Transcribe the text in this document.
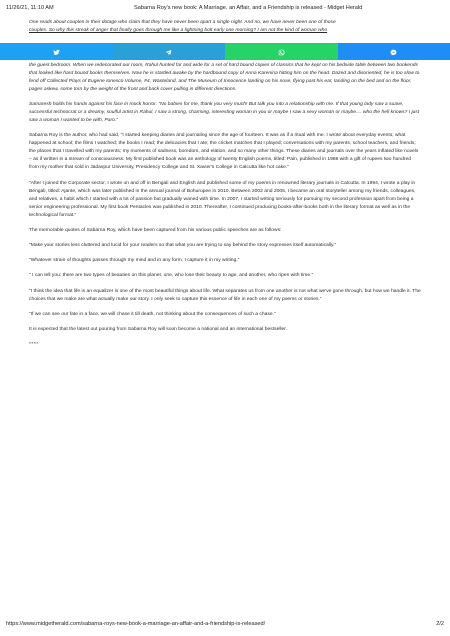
11/26/21, 11:10 AM	Sabarna Roy's new book: A Marriage, an Affair, and a Friendship is released - Midget Herald
One reads about couples in their dotage who claim that they have never been apart a single night. And no, we have never been one of those
couples. So why this streak of anger that finally goes through me like a lightning bolt early one morning? I am not the kind of woman who

the guest bedroom. When we redecorated our room, Rahul hunted far and wide for a set of hard bound copies of classics that he kept on his bedside table between two bookends that looked like hard bound books themselves. Now he is startled awake by the hardbound copy of Anna Karenina hitting him on the head. Dazed and disoriented, he is too slow to fend off Collected Plays of Eugene Ionesco Volume, #4, Wasteland, and The Museum of Innocence landing on his nose, flying past his ear, landing on the bed and on the floor, pages askew, some torn by the weight of the front and back cover pulling in different directions.

Samaresh holds his hands against his face in mock horror. "No babies for me, thank you very much! But talk you into a relationship with me. If that young lady saw a suave, successful technocrat or a dreamy, soulful artist in Rahul, I saw a strong, charming, interesting woman in you or maybe I saw a sexy woman or maybe.... who the hell knows? I just saw a woman I wanted to be with, Paro."

Sabarna Roy is the author, who had said, "I started keeping diaries and journaling since the age of fourteen. It was as if a ritual with me. I wrote about everyday events; what happened at school; the films I watched; the books I read; the delicacies that I ate; the cricket matches that I played; conversations with my parents, school teachers, and friends; the places that I travelled with my parents; my moments of sadness, boredom, and elation, and so many other things. These diaries and journals over the years inflated like novels – as if written in a stream of consciousness. My first published book was an anthology of twenty English poems, titled: Pain, published in 1986 with a gift of rupees two hundred from my mother that sold in Jadavpur University, Presidency College and St. Xavier's College in Calcutta like hot cake."

"After I joined the Corporate sector, I wrote on and off in Bengali and English and published some of my poems in renowned literary journals in Calcutta. In 1994, I wrote a play in Bengali, titled: Ajante, which was later published in the annual journal of Bohurupee in 2010. Between 2002 and 2005, I became an oral storyteller among my friends, colleagues, and relatives, a habit which I started with a lot of passion but gradually waned with time. In 2007, I started writing seriously for pursuing my second profession apart from being a senior engineering professional. My first book Pentacles was published in 2010. Thereafter, I continued producing books-after-books both in the literary format as well as in the technological format."

The memorable quotes of Sabarna Roy, which have been captured from his various public speeches are as follows:

"Make your stories less cluttered and lucid for your readers so that what you are trying to say behind the story expresses itself automatically."

"Whatever strain of thoughts passes through my mind and in any form, I capture it in my writing."

" I can tell you: there are two types of beauties on this planet, one, who lose their beauty to age, and another, who ripen with time."

"I think the idea that life is an equalizer is one of the most beautiful things about life. What separates us from one another is not what we've gone through, but how we handle it. The choices that we make are what actually make our story. I only seek to capture this essence of life in each one of my poems or stories."

"If we can see our fate in a face, we will chase it till death, not thinking about the consequences of such a chase."

It is expected that the latest out pouring from Sabarna Roy will soon become a national and an international bestseller.

****

https://www.midgetherald.com/sabarna-roys-new-book-a-marriage-an-affair-and-a-friendship-is-released/	2/2
